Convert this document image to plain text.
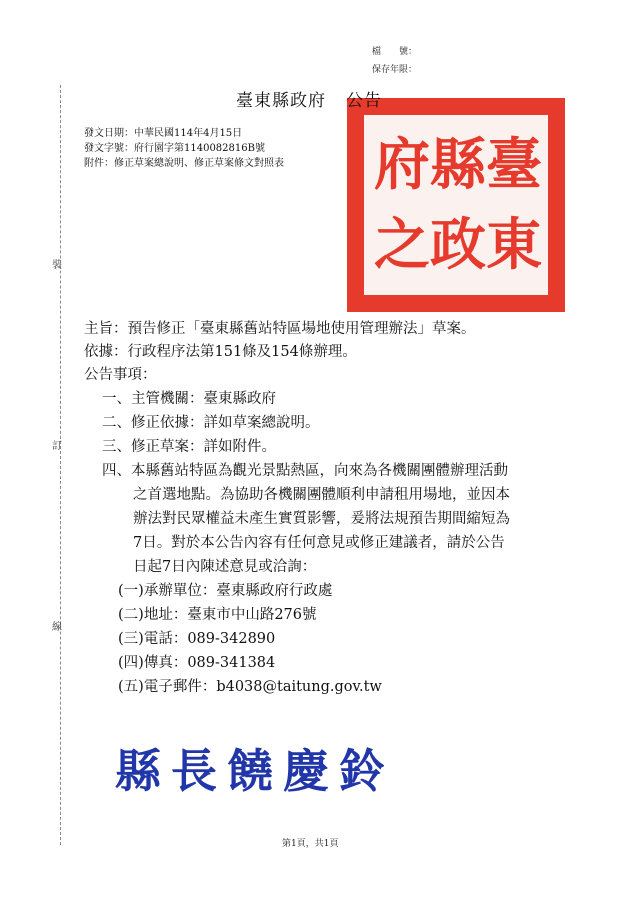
檔　　號：
保存年限：
裝
訂
線
府 縣 臺
之 政 東
臺東縣政府 公告
發文日期：中華民國114年4月15日
發文字號：府行園字第1140082816B號
附件：修正草案總說明、修正草案條文對照表
主旨：預告修正「臺東縣舊站特區場地使用管理辦法」草案。
依據：行政程序法第151條及154條辦理。
公告事項：
一、主管機關：臺東縣政府
二、修正依據：詳如草案總說明。
三、修正草案：詳如附件。
四、本縣舊站特區為觀光景點熱區，向來為各機關團體辦理活動
之首選地點。為協助各機關團體順利申請租用場地，並因本
辦法對民眾權益未產生實質影響，爰將法規預告期間縮短為
7日。對於本公告內容有任何意見或修正建議者，請於公告
日起7日內陳述意見或洽詢：
(一)承辦單位：臺東縣政府行政處
(二)地址：臺東市中山路276號
(三)電話：089-342890
(四)傳真：089-341384
(五)電子郵件：b4038@taitung.gov.tw
縣長饒慶鈴
第1頁，共1頁
